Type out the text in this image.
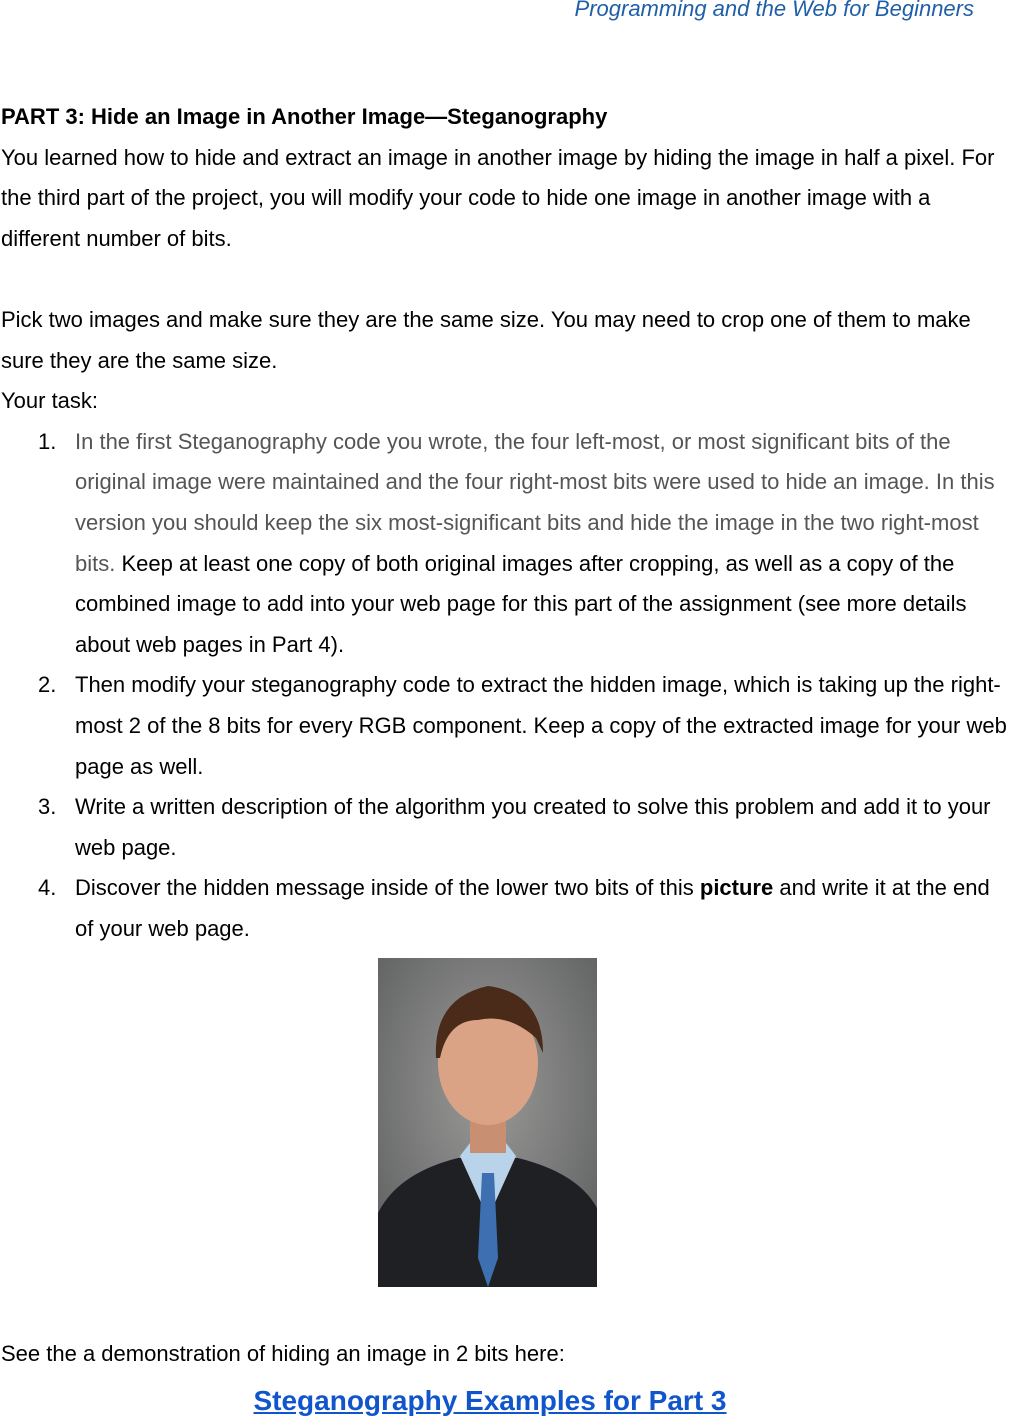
Programming and the Web for Beginners
PART 3: Hide an Image in Another Image—Steganography

You learned how to hide and extract an image in another image by hiding the image in half a pixel. For the third part of the project, you will modify your code to hide one image in another image with a different number of bits.

Pick two images and make sure they are the same size. You may need to crop one of them to make sure they are the same size.

Your task:

1. In the first Steganography code you wrote, the four left-most, or most significant bits of the original image were maintained and the four right-most bits were used to hide an image. In this version you should keep the six most-significant bits and hide the image in the two right-most bits. Keep at least one copy of both original images after cropping, as well as a copy of the combined image to add into your web page for this part of the assignment (see more details about web pages in Part 4).
2. Then modify your steganography code to extract the hidden image, which is taking up the right-most 2 of the 8 bits for every RGB component. Keep a copy of the extracted image for your web page as well.
3. Write a written description of the algorithm you created to solve this problem and add it to your web page.
4. Discover the hidden message inside of the lower two bits of this picture and write it at the end of your web page.
See the a demonstration of hiding an image in 2 bits here:
Steganography Examples for Part 3
